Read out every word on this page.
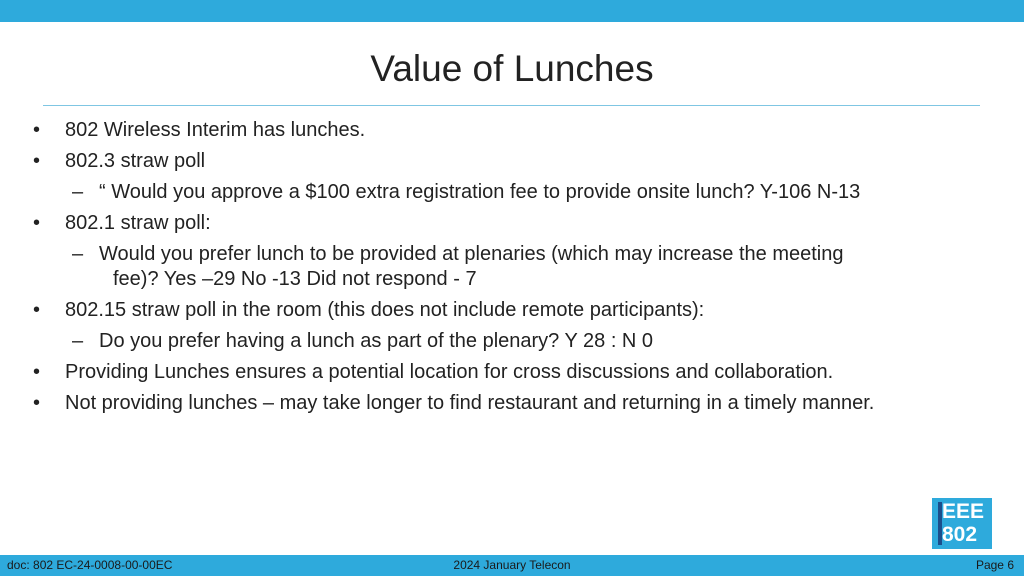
Value of Lunches
• 802 Wireless Interim has lunches.
• 802.3 straw poll
– “ Would you approve a $100 extra registration fee to provide onsite lunch? Y-106 N-13
• 802.1 straw poll:
– Would you prefer lunch to be provided at plenaries (which may increase the meeting
fee)? Yes –29 No -13 Did not respond - 7
• 802.15 straw poll in the room (this does not include remote participants):
– Do you prefer having a lunch as part of the plenary? Y 28 : N 0
• Providing Lunches ensures a potential location for cross discussions and collaboration.
• Not providing lunches – may take longer to find restaurant and returning in a timely manner.
EEE
802
doc: 802 EC-24-0008-00-00EC	2024 January Telecon	Page 6
